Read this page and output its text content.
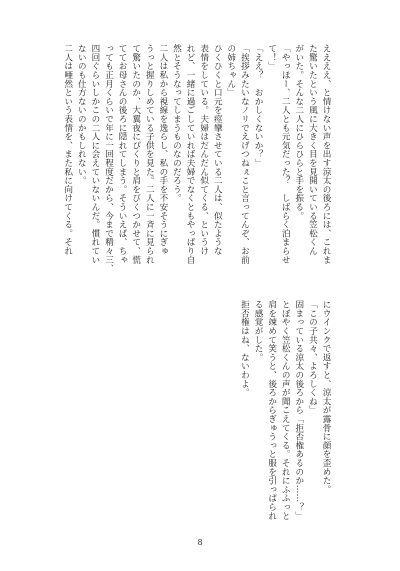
ええええ、と情けない声を出す涼太の後ろには、これま
た驚いたという風に大きく目を見開いている笠松くん
がいた。そんな二人にひらひらと手を振る。
「やっほー、二人とも元気だった？　しばらく泊まらせ
て！」
「ええ？　おかしくないか？」
「挨拶みたいなノリでえげつねぇこと言ってんぞ、お前
の姉ちゃん」
ひくひくと口元を痙攣させている二人は、似たような
表情をしている。夫婦はだんだん似てくる、というけ
れど、一緒に過ごしていれば夫婦でなくともやっぱり自
然とそうなってしまうものなのだろう。
二人は私から視線を逸らし、私の手を不安そうにぎゅ
うっと握りしめている子供を見た。二人に一斉に見られ
て驚いたのか、大翼夜にぴくりと肩をびくつかせて、慌
ててお母さんの後ろに隠れてしまう。そういえば、ちゃ
っても正月くらいで年に一回程度だから、今まで精々三、
四回ぐらいしかこの二人に会えていないんだ。慣れてい
ないのも仕方ないのかもしれない。
二人は唖然という表情を、また私に向けてくる。それ
にウインクで返すと、涼太が露骨に顔を歪めた。
「この子共々、よろしくね」
固まっている涼太の後ろから「拒否権あるのか……？」
とぼやく笠松くんの声が聞こえてくる。それにふふっと
肩を竦めて笑うと、後ろからぎゅうっと服を引っぱられ
る感覚がした。
拒否権はね、ないわよ。
8
